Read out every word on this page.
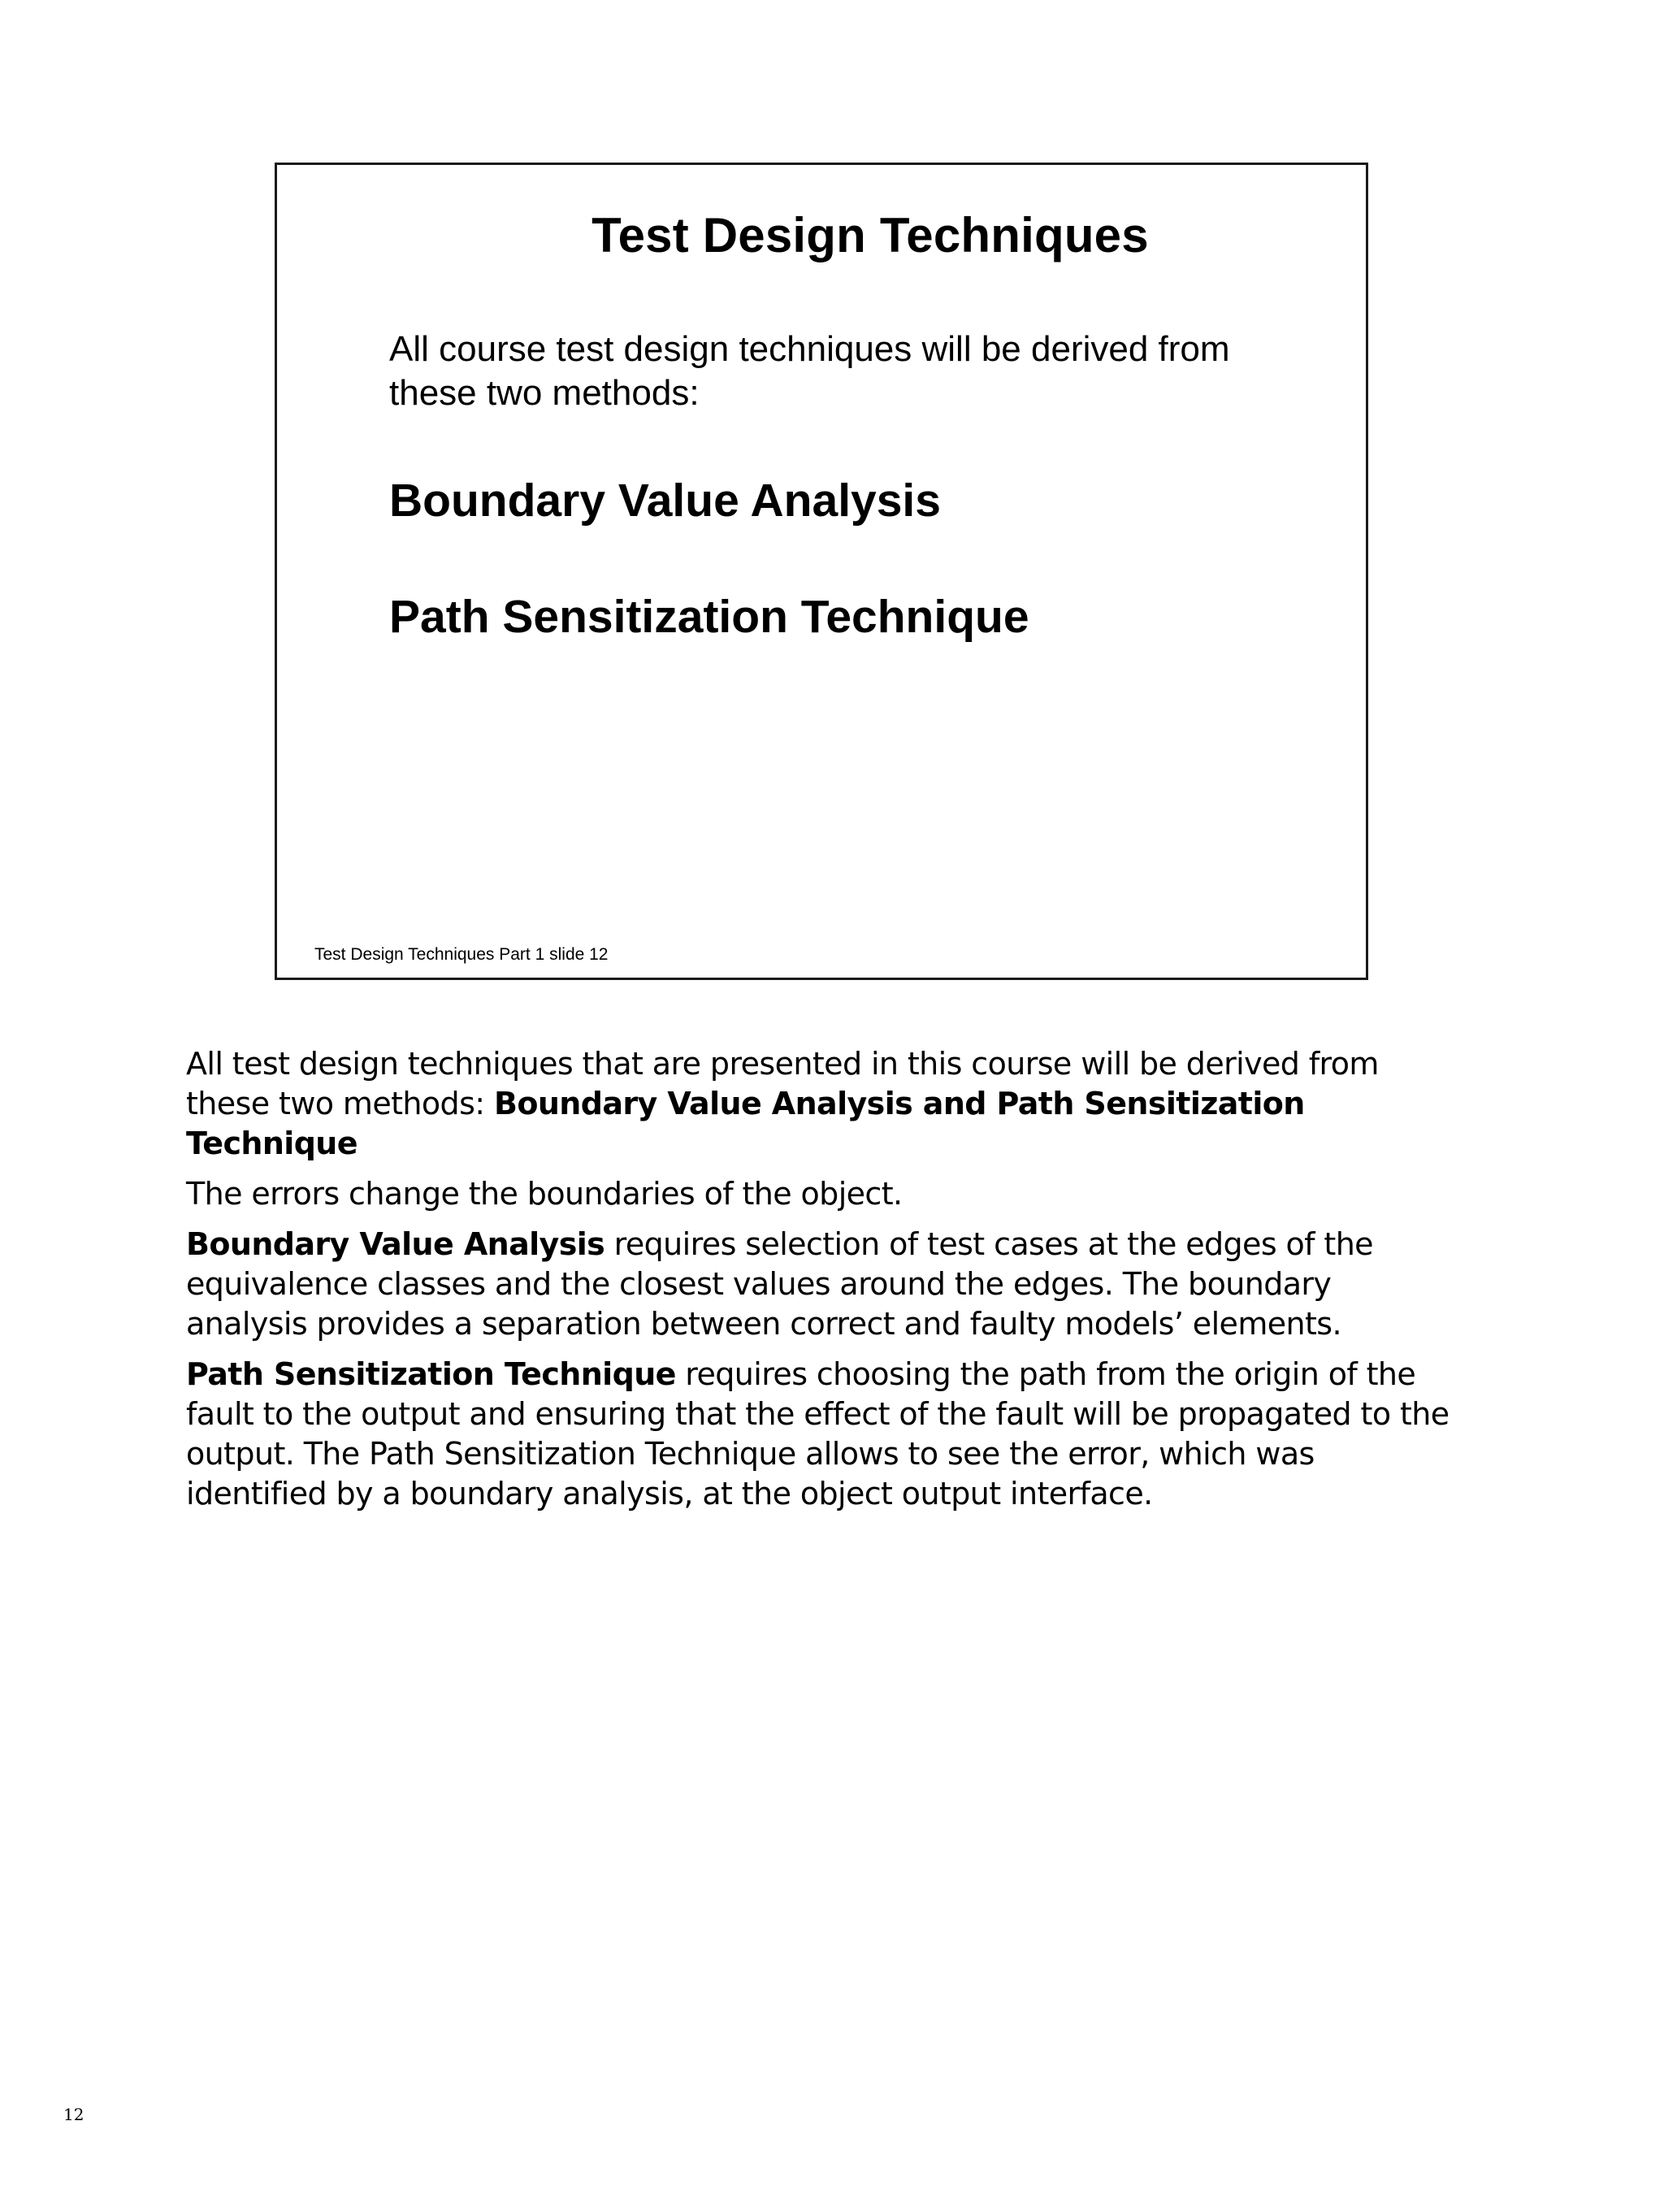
Test Design Techniques

All course test design techniques will be derived from these two methods:

Boundary Value Analysis

Path Sensitization Technique

Test Design Techniques Part 1 slide 12

All test design techniques that are presented in this course will be derived from these two methods: Boundary Value Analysis and Path Sensitization Technique

The errors change the boundaries of the object.

Boundary Value Analysis requires selection of test cases at the edges of the equivalence classes and the closest values around the edges. The boundary analysis provides a separation between correct and faulty models’ elements.

Path Sensitization Technique requires choosing the path from the origin of the fault to the output and ensuring that the effect of the fault will be propagated to the output. The Path Sensitization Technique allows to see the error, which was identified by a boundary analysis, at the object output interface.

12
